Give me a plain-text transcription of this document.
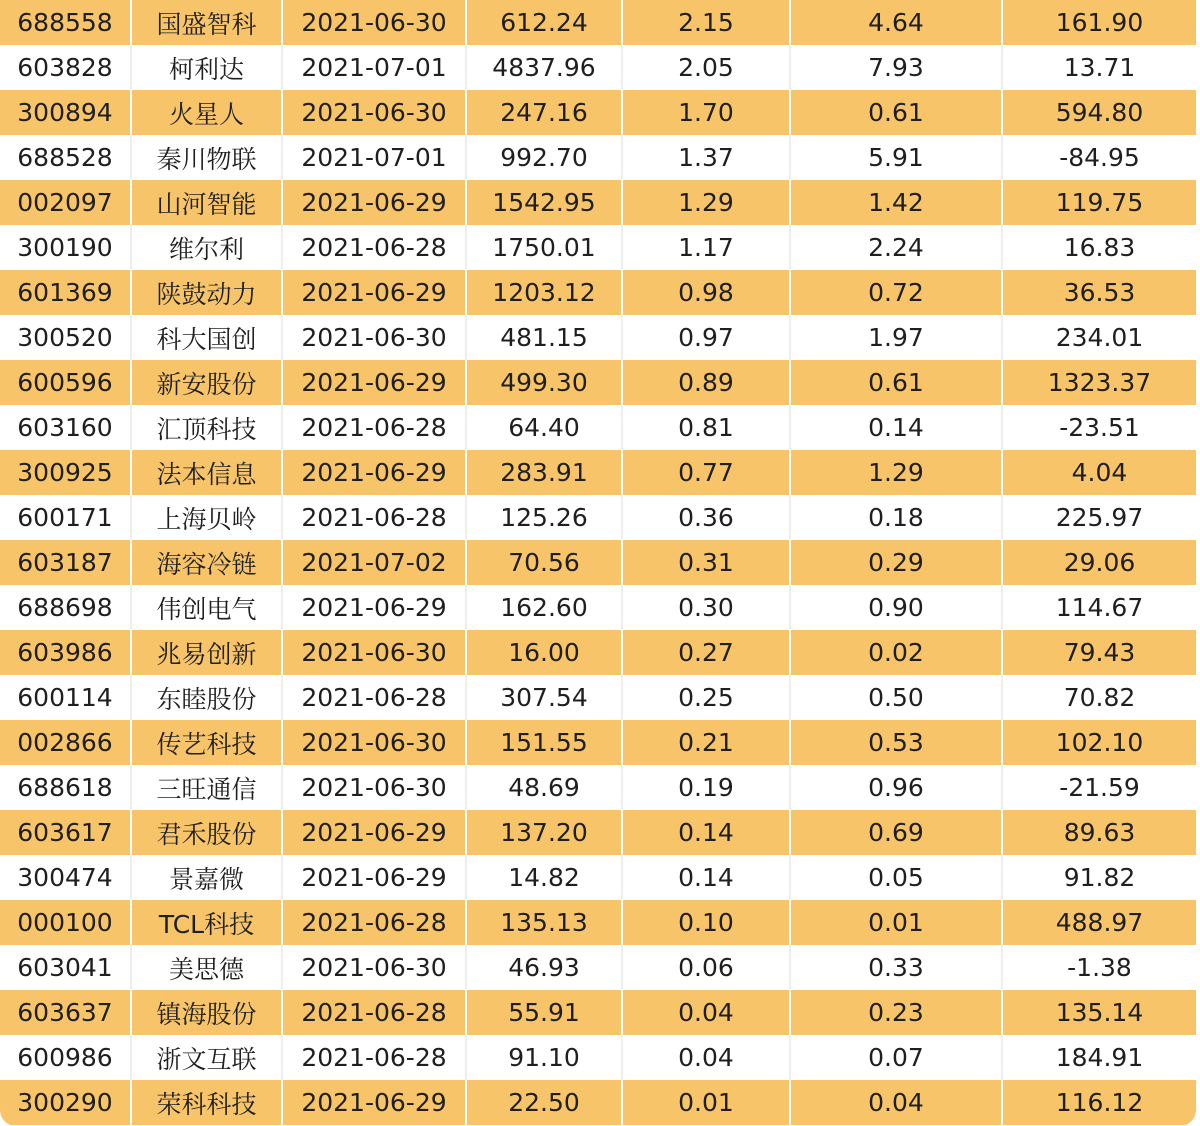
688558	国盛智科	2021-06-30	612.24	2.15	4.64	161.90
603828	柯利达	2021-07-01	4837.96	2.05	7.93	13.71
300894	火星人	2021-06-30	247.16	1.70	0.61	594.80
688528	秦川物联	2021-07-01	992.70	1.37	5.91	-84.95
002097	山河智能	2021-06-29	1542.95	1.29	1.42	119.75
300190	维尔利	2021-06-28	1750.01	1.17	2.24	16.83
601369	陕鼓动力	2021-06-29	1203.12	0.98	0.72	36.53
300520	科大国创	2021-06-30	481.15	0.97	1.97	234.01
600596	新安股份	2021-06-29	499.30	0.89	0.61	1323.37
603160	汇顶科技	2021-06-28	64.40	0.81	0.14	-23.51
300925	法本信息	2021-06-29	283.91	0.77	1.29	4.04
600171	上海贝岭	2021-06-28	125.26	0.36	0.18	225.97
603187	海容冷链	2021-07-02	70.56	0.31	0.29	29.06
688698	伟创电气	2021-06-29	162.60	0.30	0.90	114.67
603986	兆易创新	2021-06-30	16.00	0.27	0.02	79.43
600114	东睦股份	2021-06-28	307.54	0.25	0.50	70.82
002866	传艺科技	2021-06-30	151.55	0.21	0.53	102.10
688618	三旺通信	2021-06-30	48.69	0.19	0.96	-21.59
603617	君禾股份	2021-06-29	137.20	0.14	0.69	89.63
300474	景嘉微	2021-06-29	14.82	0.14	0.05	91.82
000100	TCL科技	2021-06-28	135.13	0.10	0.01	488.97
603041	美思德	2021-06-30	46.93	0.06	0.33	-1.38
603637	镇海股份	2021-06-28	55.91	0.04	0.23	135.14
600986	浙文互联	2021-06-28	91.10	0.04	0.07	184.91
300290	荣科科技	2021-06-29	22.50	0.01	0.04	116.12
